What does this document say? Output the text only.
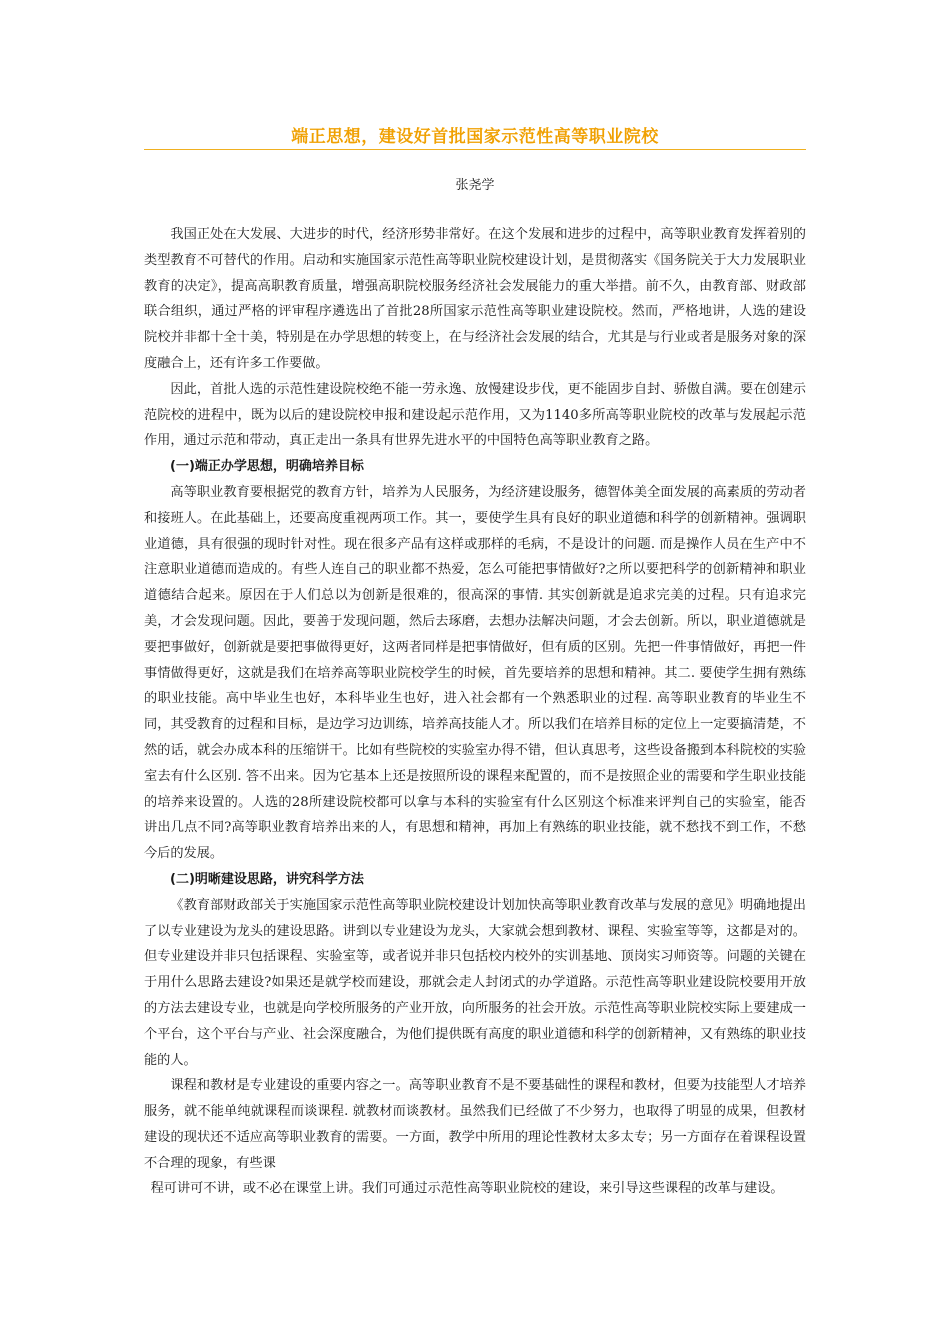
端正思想，建设好首批国家示范性高等职业院校
张尧学

我国正处在大发展、大进步的时代，经济形势非常好。在这个发展和进步的过程中，高等职业教育发挥着别的类型教育不可替代的作用。启动和实施国家示范性高等职业院校建设计划，是贯彻落实《国务院关于大力发展职业教育的决定》，提高高职教育质量，增强高职院校服务经济社会发展能力的重大举措。前不久，由教育部、财政部联合组织，通过严格的评审程序遴选出了首批28所国家示范性高等职业建设院校。然而，严格地讲，人选的建设院校并非都十全十美，特别是在办学思想的转变上，在与经济社会发展的结合，尤其是与行业或者是服务对象的深度融合上，还有许多工作要做。

因此，首批人选的示范性建设院校绝不能一劳永逸、放慢建设步伐，更不能固步自封、骄傲自满。要在创建示范院校的进程中，既为以后的建设院校申报和建设起示范作用，又为1140多所高等职业院校的改革与发展起示范作用，通过示范和带动，真正走出一条具有世界先进水平的中国特色高等职业教育之路。

(一)端正办学思想，明确培养目标

高等职业教育要根据党的教育方针，培养为人民服务，为经济建设服务，德智体美全面发展的高素质的劳动者和接班人。在此基础上，还要高度重视两项工作。其一，要使学生具有良好的职业道德和科学的创新精神。强调职业道德，具有很强的现时针对性。现在很多产品有这样或那样的毛病，不是设计的问题. 而是操作人员在生产中不注意职业道德而造成的。有些人连自己的职业都不热爱，怎么可能把事情做好?之所以要把科学的创新精神和职业道德结合起来。原因在于人们总以为创新是很难的，很高深的事情. 其实创新就是追求完美的过程。只有追求完美，才会发现问题。因此，要善于发现问题，然后去琢磨，去想办法解决问题，才会去创新。所以，职业道德就是要把事做好，创新就是要把事做得更好，这两者同样是把事情做好，但有质的区别。先把一件事情做好，再把一件事情做得更好，这就是我们在培养高等职业院校学生的时候，首先要培养的思想和精神。其二. 要使学生拥有熟练的职业技能。高中毕业生也好，本科毕业生也好，进入社会都有一个熟悉职业的过程. 高等职业教育的毕业生不同，其受教育的过程和目标，是边学习边训练，培养高技能人才。所以我们在培养目标的定位上一定要搞清楚，不然的话，就会办成本科的压缩饼干。比如有些院校的实验室办得不错，但认真思考，这些设备搬到本科院校的实验室去有什么区别. 答不出来。因为它基本上还是按照所设的课程来配置的，而不是按照企业的需要和学生职业技能的培养来设置的。人选的28所建设院校都可以拿与本科的实验室有什么区别这个标准来评判自己的实验室，能否讲出几点不同?高等职业教育培养出来的人，有思想和精神，再加上有熟练的职业技能，就不愁找不到工作，不愁今后的发展。

(二)明晰建设思路，讲究科学方法

《教育部财政部关于实施国家示范性高等职业院校建设计划加快高等职业教育改革与发展的意见》明确地提出了以专业建设为龙头的建设思路。讲到以专业建设为龙头，大家就会想到教材、课程、实验室等等，这都是对的。但专业建设并非只包括课程、实验室等，或者说并非只包括校内校外的实训基地、顶岗实习师资等。问题的关键在于用什么思路去建设?如果还是就学校而建设，那就会走人封闭式的办学道路。示范性高等职业建设院校要用开放的方法去建设专业，也就是向学校所服务的产业开放，向所服务的社会开放。示范性高等职业院校实际上要建成一个平台，这个平台与产业、社会深度融合，为他们提供既有高度的职业道德和科学的创新精神，又有熟练的职业技能的人。

课程和教材是专业建设的重要内容之一。高等职业教育不是不要基础性的课程和教材，但要为技能型人才培养服务，就不能单纯就课程而谈课程. 就教材而谈教材。虽然我们已经做了不少努力，也取得了明显的成果，但教材建设的现状还不适应高等职业教育的需要。一方面，教学中所用的理论性教材太多太专；另一方面存在着课程设置不合理的现象，有些课

程可讲可不讲，或不必在课堂上讲。我们可通过示范性高等职业院校的建设，来引导这些课程的改革与建设。
